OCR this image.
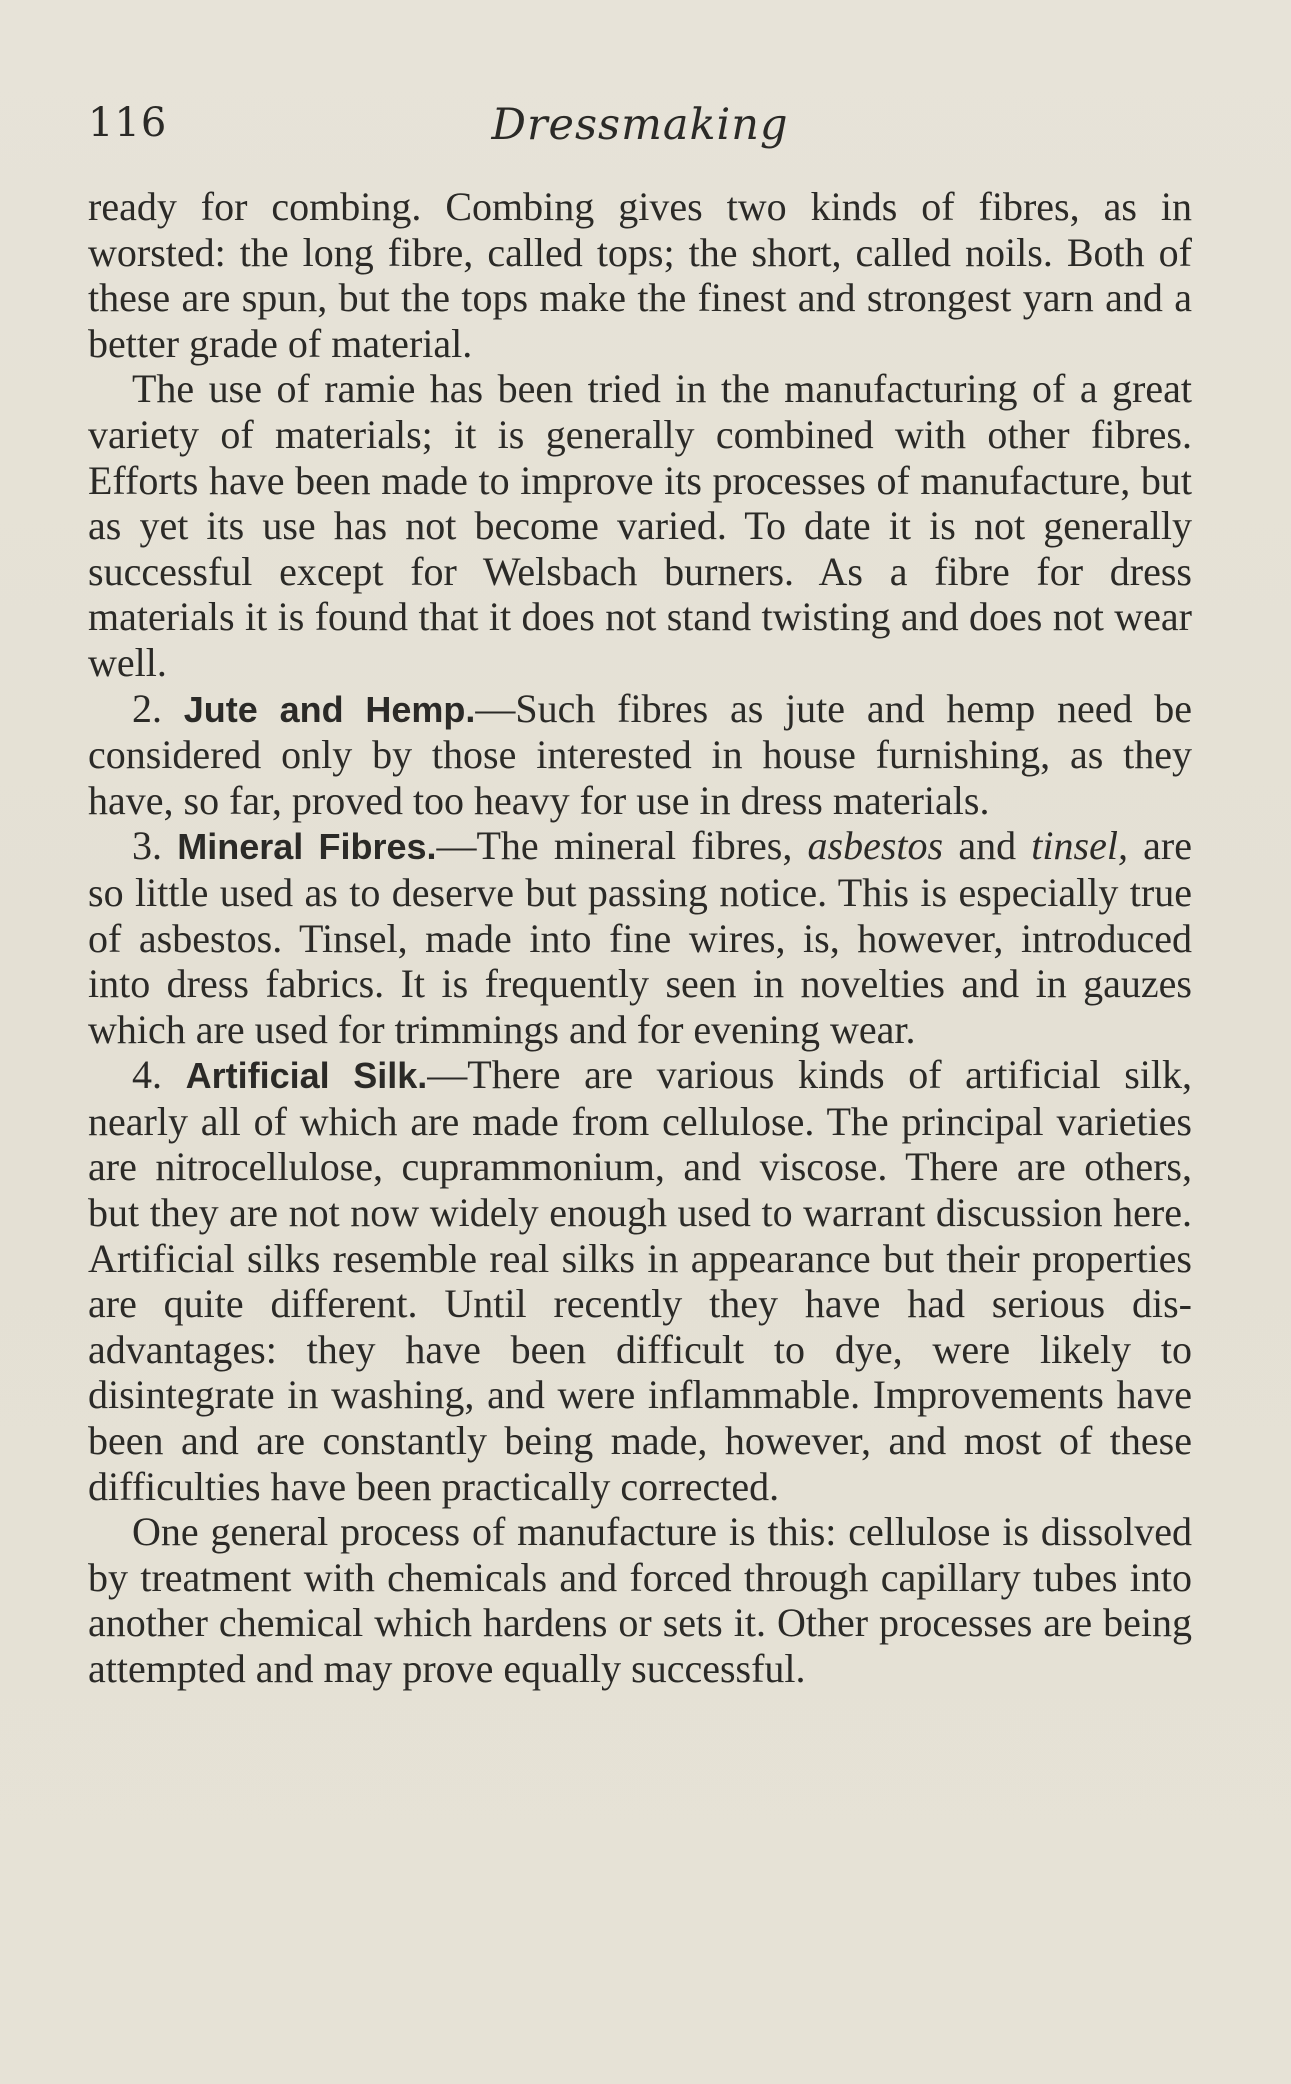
116	Dressmaking

ready for combing. Combing gives two kinds of fibres, as in worsted: the long fibre, called tops; the short, called noils. Both of these are spun, but the tops make the finest and strongest yarn and a better grade of material.

The use of ramie has been tried in the manufacturing of a great variety of materials; it is generally combined with other fibres. Efforts have been made to improve its processes of manufacture, but as yet its use has not become varied. To date it is not generally successful except for Welsbach burners. As a fibre for dress materials it is found that it does not stand twisting and does not wear well.

2. Jute and Hemp.—Such fibres as jute and hemp need be considered only by those interested in house furnishing, as they have, so far, proved too heavy for use in dress materials.

3. Mineral Fibres.—The mineral fibres, asbestos and tinsel, are so little used as to deserve but passing notice. This is especially true of asbestos. Tinsel, made into fine wires, is, however, introduced into dress fabrics. It is frequently seen in novelties and in gauzes which are used for trimmings and for evening wear.

4. Artificial Silk.—There are various kinds of artificial silk, nearly all of which are made from cellulose. The principal varieties are nitrocellulose, cuprammonium, and viscose. There are others, but they are not now widely enough used to warrant discussion here. Artificial silks resemble real silks in appearance but their properties are quite different. Until recently they have had serious disadvantages: they have been difficult to dye, were likely to disintegrate in washing, and were inflammable. Improvements have been and are constantly being made, however, and most of these difficulties have been practically corrected.

One general process of manufacture is this: cellulose is dissolved by treatment with chemicals and forced through capillary tubes into another chemical which hardens or sets it. Other processes are being attempted and may prove equally successful.
